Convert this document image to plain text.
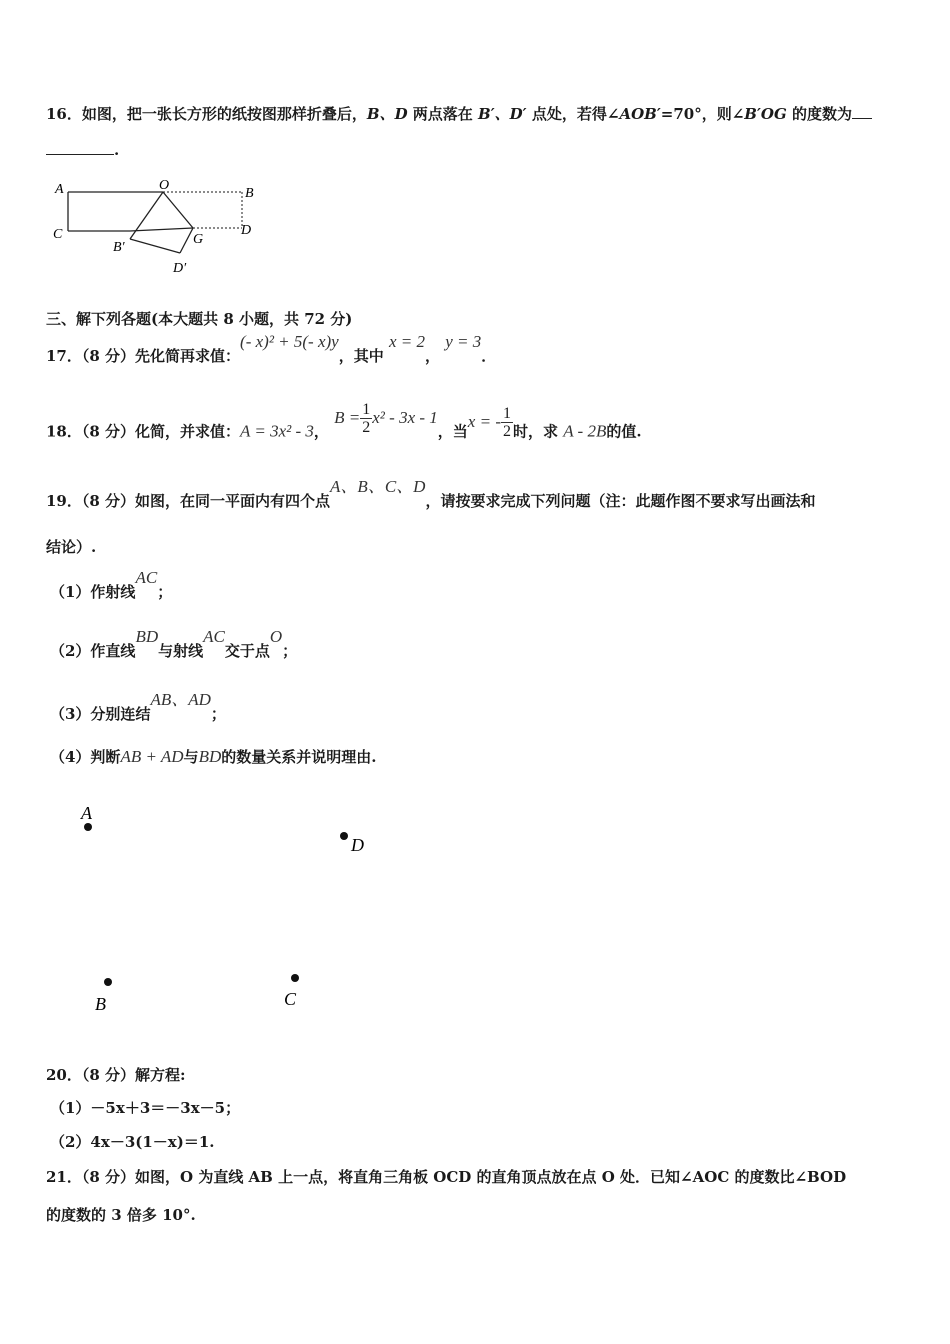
16．如图，把一张长方形的纸按图那样折叠后，B、D 两点落在 B′、D′ 点处，若得∠AOB′=70°，则∠B′OG 的度数为
.
A	O
B
C	D
B′
G
D′
三、解下列各题(本大题共 8 小题，共 72 分)
17．（8 分）先化简再求值：(- x)² + 5(- x)y，其中 x = 2， y = 3．
18．（8 分）化简，并求值：A = 3x² - 3， $B = \frac{1}{2} x^2 - 3x - 1$，当x = - $\frac{1}{2}$ 时，求 A - 2B的值.
19．（8 分）如图，在同一平面内有四个点A、B、C、D，请按要求完成下列问题（注：此题作图不要求写出画法和
结论）.
（1）作射线AC；
（2）作直线BD与射线AC交于点O；
（3）分别连结AB、AD；
（4）判断AB + AD与BD的数量关系并说明理由.
A
D
B	C
20．（8 分）解方程:
（1）－5x＋3＝－3x－5；
（2）4x－3(1－x)＝1.
21．（8 分）如图，O 为直线 AB 上一点，将直角三角板 OCD 的直角顶点放在点 O 处．已知∠AOC 的度数比∠BOD
的度数的 3 倍多 10°.
